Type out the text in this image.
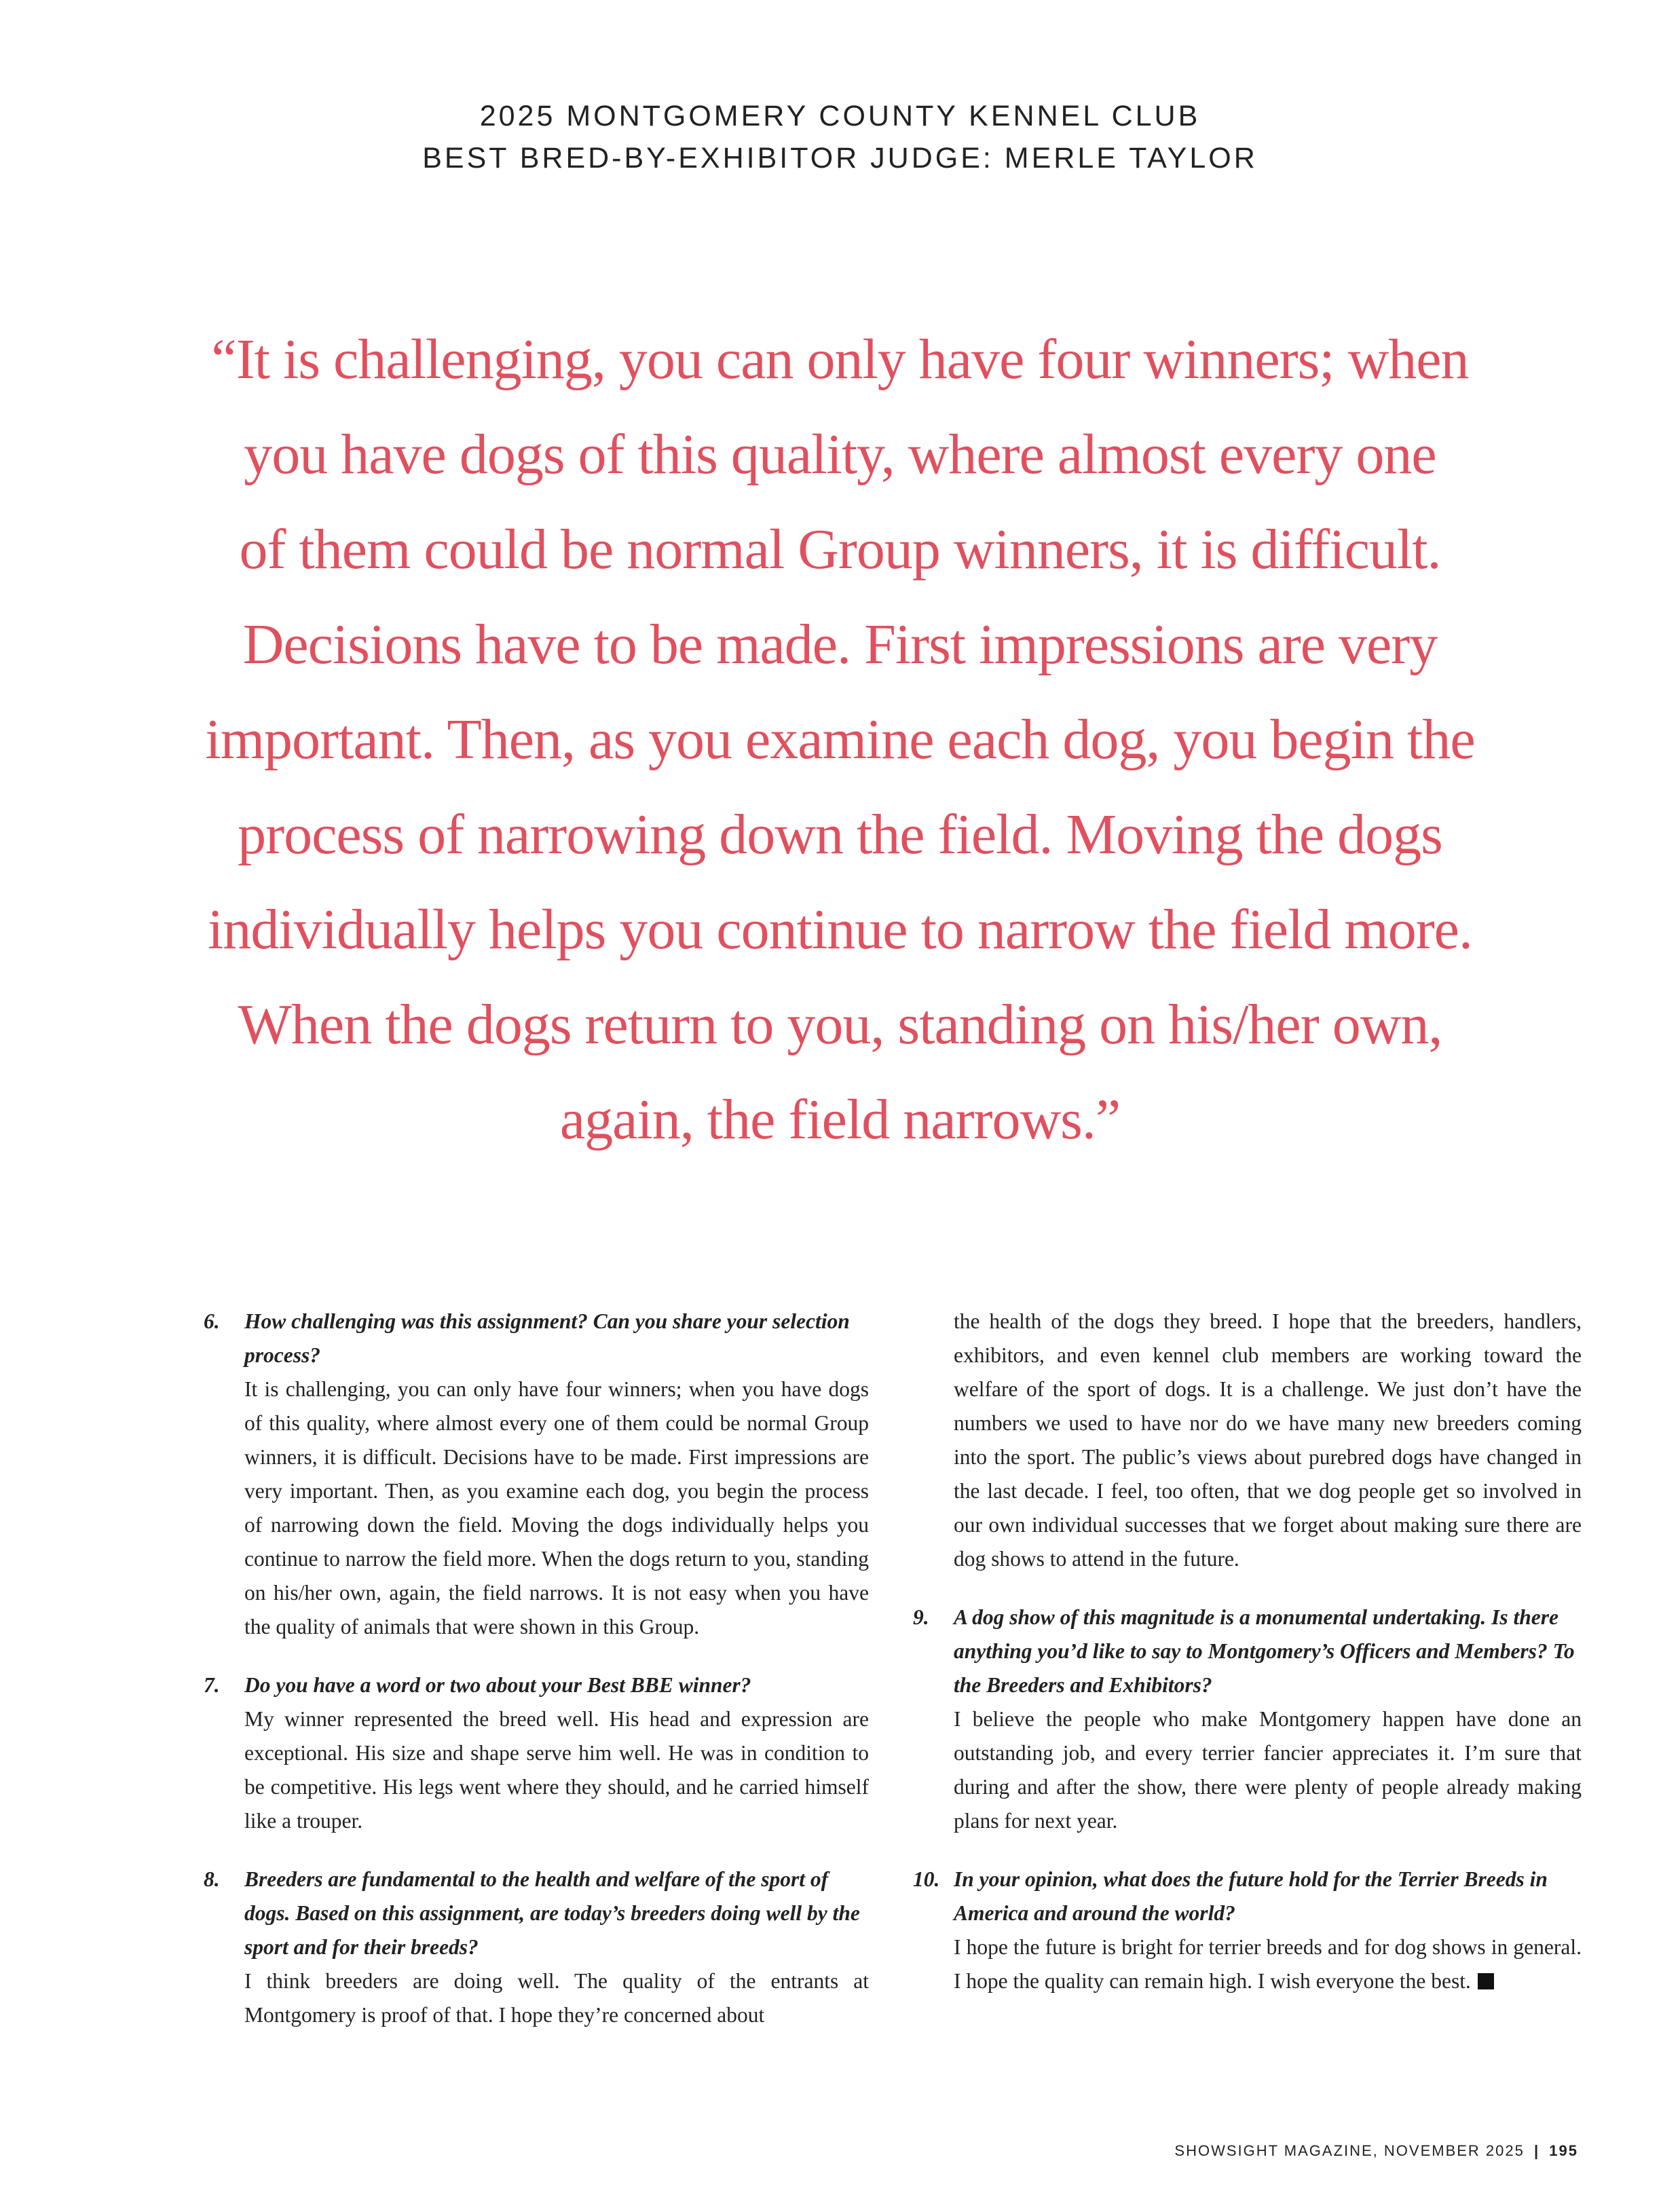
2025 MONTGOMERY COUNTY KENNEL CLUB
BEST BRED-BY-EXHIBITOR JUDGE: MERLE TAYLOR
“It is challenging, you can only have four winners; when
you have dogs of this quality, where almost every one
of them could be normal Group winners, it is difficult.
Decisions have to be made. First impressions are very
important. Then, as you examine each dog, you begin the
process of narrowing down the field. Moving the dogs
individually helps you continue to narrow the field more.
When the dogs return to you, standing on his/her own,
again, the field narrows.”
6. How challenging was this assignment? Can you share your selection process?
It is challenging, you can only have four winners; when you have dogs of this quality, where almost every one of them could be normal Group winners, it is difficult. Decisions have to be made. First impressions are very important. Then, as you examine each dog, you begin the process of narrowing down the field. Moving the dogs individually helps you continue to narrow the field more. When the dogs return to you, standing on his/her own, again, the field narrows. It is not easy when you have the quality of animals that were shown in this Group.
7. Do you have a word or two about your Best BBE winner?
My winner represented the breed well. His head and expression are exceptional. His size and shape serve him well. He was in condition to be competitive. His legs went where they should, and he carried himself like a trouper.
8. Breeders are fundamental to the health and welfare of the sport of dogs. Based on this assignment, are today’s breeders doing well by the sport and for their breeds?
I think breeders are doing well. The quality of the entrants at Montgomery is proof of that. I hope they’re concerned about
the health of the dogs they breed. I hope that the breeders, handlers, exhibitors, and even kennel club members are working toward the welfare of the sport of dogs. It is a challenge. We just don’t have the numbers we used to have nor do we have many new breeders coming into the sport. The public’s views about purebred dogs have changed in the last decade. I feel, too often, that we dog people get so involved in our own individual successes that we forget about making sure there are dog shows to attend in the future.
9. A dog show of this magnitude is a monumental undertaking. Is there anything you’d like to say to Montgomery’s Officers and Members? To the Breeders and Exhibitors?
I believe the people who make Montgomery happen have done an outstanding job, and every terrier fancier appreciates it. I’m sure that during and after the show, there were plenty of people already making plans for next year.
10. In your opinion, what does the future hold for the Terrier Breeds in America and around the world?
I hope the future is bright for terrier breeds and for dog shows in general. I hope the quality can remain high. I wish everyone the best.
SHOWSIGHT MAGAZINE, NOVEMBER 2025 | 195
